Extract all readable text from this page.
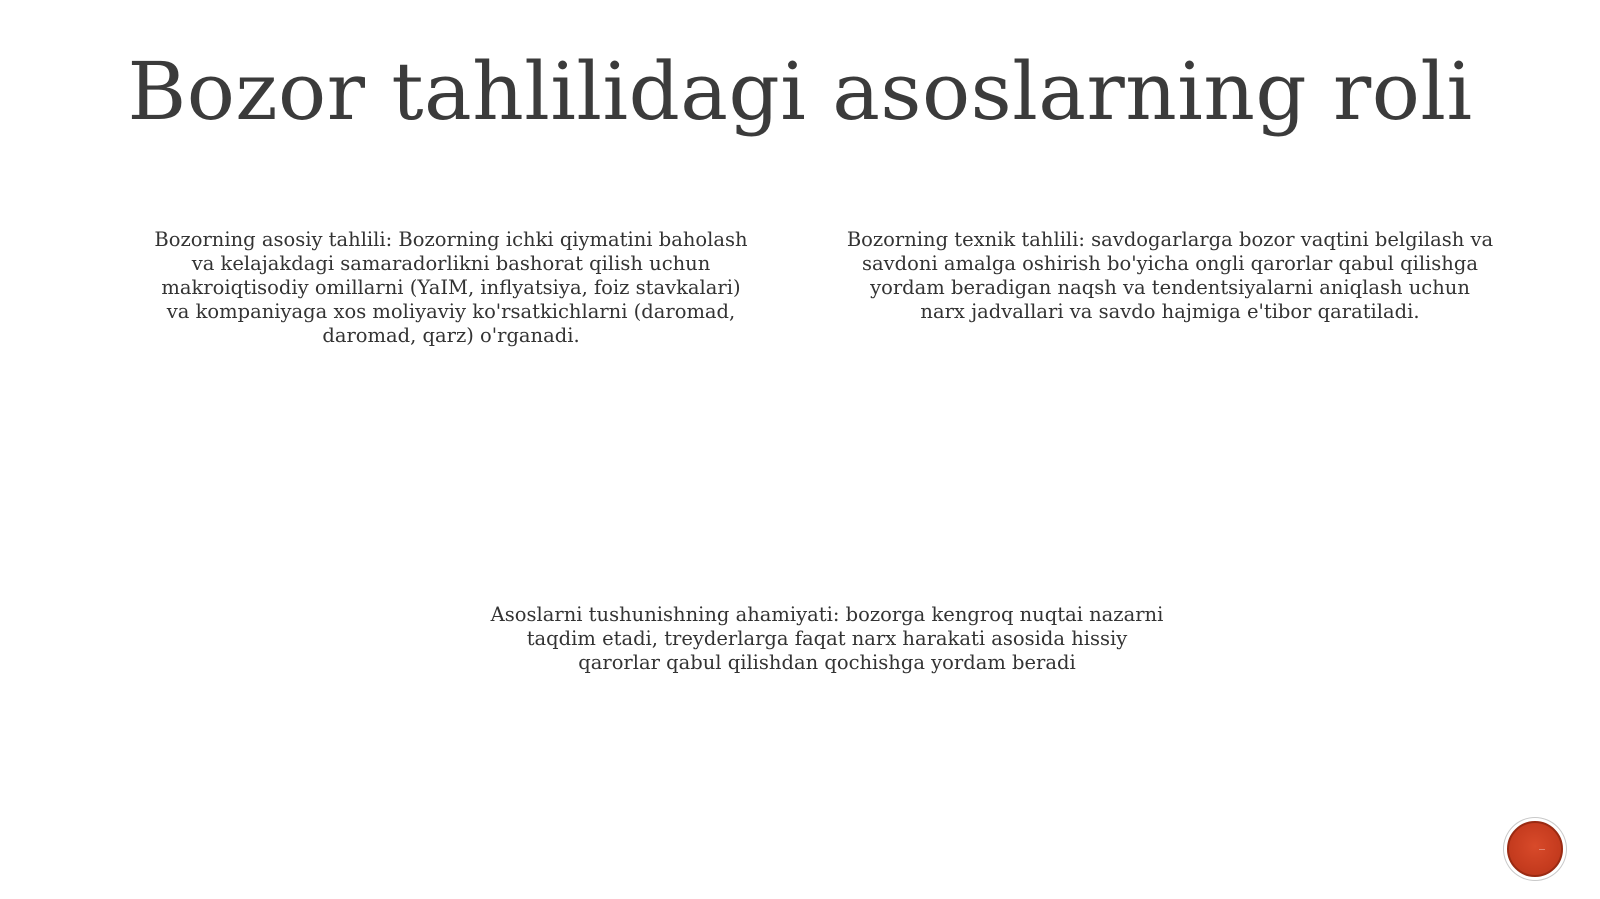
Bozor tahlilidagi asoslarning roli
Bozorning asosiy tahlili: Bozorning ichki qiymatini baholash va kelajakdagi samaradorlikni bashorat qilish uchun makroiqtisodiy omillarni (YaIM, inflyatsiya, foiz stavkalari) va kompaniyaga xos moliyaviy ko'rsatkichlarni (daromad, daromad, qarz) o'rganadi.
Bozorning texnik tahlili: savdogarlarga bozor vaqtini belgilash va savdoni amalga oshirish bo'yicha ongli qarorlar qabul qilishga yordam beradigan naqsh va tendentsiyalarni aniqlash uchun narx jadvallari va savdo hajmiga e'tibor qaratiladi.
Asoslarni tushunishning ahamiyati: bozorga kengroq nuqtai nazarni taqdim etadi, treyderlarga faqat narx harakati asosida hissiy qarorlar qabul qilishdan qochishga yordam beradi
